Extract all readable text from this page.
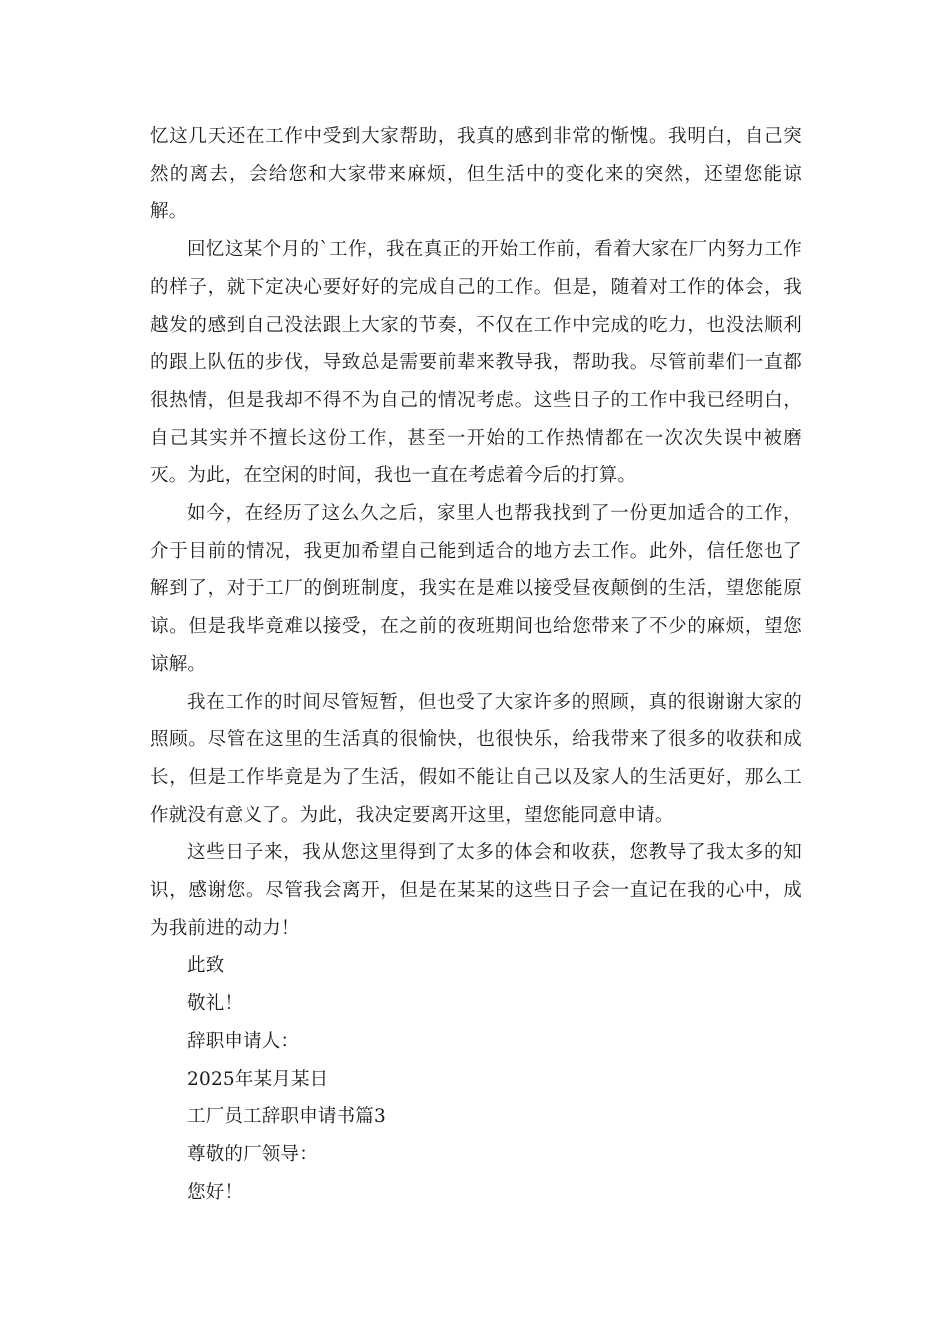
忆这几天还在工作中受到大家帮助，我真的感到非常的惭愧。我明白，自己突然的离去，会给您和大家带来麻烦，但生活中的变化来的突然，还望您能谅解。

回忆这某个月的`工作，我在真正的开始工作前，看着大家在厂内努力工作的样子，就下定决心要好好的完成自己的工作。但是，随着对工作的体会，我越发的感到自己没法跟上大家的节奏，不仅在工作中完成的吃力，也没法顺利的跟上队伍的步伐，导致总是需要前辈来教导我，帮助我。尽管前辈们一直都很热情，但是我却不得不为自己的情况考虑。这些日子的工作中我已经明白，自己其实并不擅长这份工作，甚至一开始的工作热情都在一次次失误中被磨灭。为此，在空闲的时间，我也一直在考虑着今后的打算。

如今，在经历了这么久之后，家里人也帮我找到了一份更加适合的工作，介于目前的情况，我更加希望自己能到适合的地方去工作。此外，信任您也了解到了，对于工厂的倒班制度，我实在是难以接受昼夜颠倒的生活，望您能原谅。但是我毕竟难以接受，在之前的夜班期间也给您带来了不少的麻烦，望您谅解。

我在工作的时间尽管短暂，但也受了大家许多的照顾，真的很谢谢大家的照顾。尽管在这里的生活真的很愉快，也很快乐，给我带来了很多的收获和成长，但是工作毕竟是为了生活，假如不能让自己以及家人的生活更好，那么工作就没有意义了。为此，我决定要离开这里，望您能同意申请。

这些日子来，我从您这里得到了太多的体会和收获，您教导了我太多的知识，感谢您。尽管我会离开，但是在某某的这些日子会一直记在我的心中，成为我前进的动力！

此致

敬礼！

辞职申请人：

2025年某月某日

工厂员工辞职申请书篇3

尊敬的厂领导：

您好！
